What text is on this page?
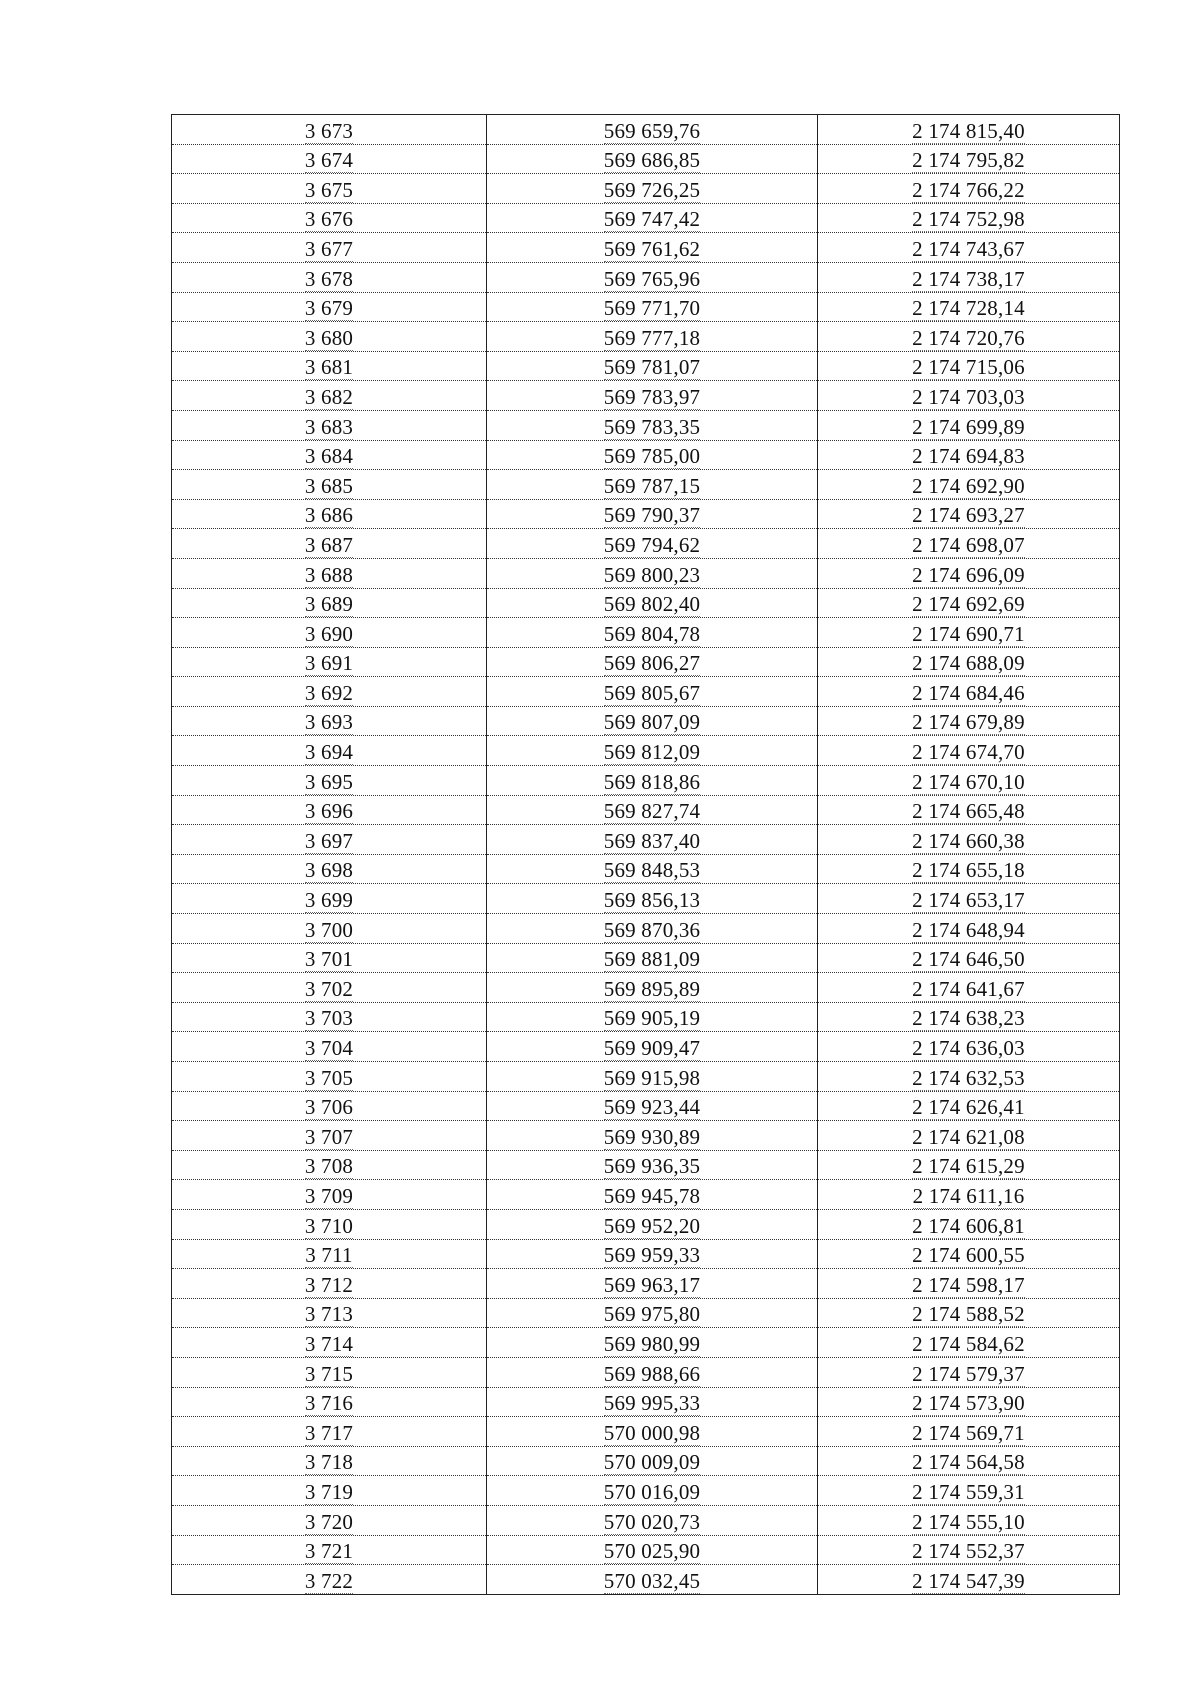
3 673	569 659,76	2 174 815,40
3 674	569 686,85	2 174 795,82
3 675	569 726,25	2 174 766,22
3 676	569 747,42	2 174 752,98
3 677	569 761,62	2 174 743,67
3 678	569 765,96	2 174 738,17
3 679	569 771,70	2 174 728,14
3 680	569 777,18	2 174 720,76
3 681	569 781,07	2 174 715,06
3 682	569 783,97	2 174 703,03
3 683	569 783,35	2 174 699,89
3 684	569 785,00	2 174 694,83
3 685	569 787,15	2 174 692,90
3 686	569 790,37	2 174 693,27
3 687	569 794,62	2 174 698,07
3 688	569 800,23	2 174 696,09
3 689	569 802,40	2 174 692,69
3 690	569 804,78	2 174 690,71
3 691	569 806,27	2 174 688,09
3 692	569 805,67	2 174 684,46
3 693	569 807,09	2 174 679,89
3 694	569 812,09	2 174 674,70
3 695	569 818,86	2 174 670,10
3 696	569 827,74	2 174 665,48
3 697	569 837,40	2 174 660,38
3 698	569 848,53	2 174 655,18
3 699	569 856,13	2 174 653,17
3 700	569 870,36	2 174 648,94
3 701	569 881,09	2 174 646,50
3 702	569 895,89	2 174 641,67
3 703	569 905,19	2 174 638,23
3 704	569 909,47	2 174 636,03
3 705	569 915,98	2 174 632,53
3 706	569 923,44	2 174 626,41
3 707	569 930,89	2 174 621,08
3 708	569 936,35	2 174 615,29
3 709	569 945,78	2 174 611,16
3 710	569 952,20	2 174 606,81
3 711	569 959,33	2 174 600,55
3 712	569 963,17	2 174 598,17
3 713	569 975,80	2 174 588,52
3 714	569 980,99	2 174 584,62
3 715	569 988,66	2 174 579,37
3 716	569 995,33	2 174 573,90
3 717	570 000,98	2 174 569,71
3 718	570 009,09	2 174 564,58
3 719	570 016,09	2 174 559,31
3 720	570 020,73	2 174 555,10
3 721	570 025,90	2 174 552,37
3 722	570 032,45	2 174 547,39
